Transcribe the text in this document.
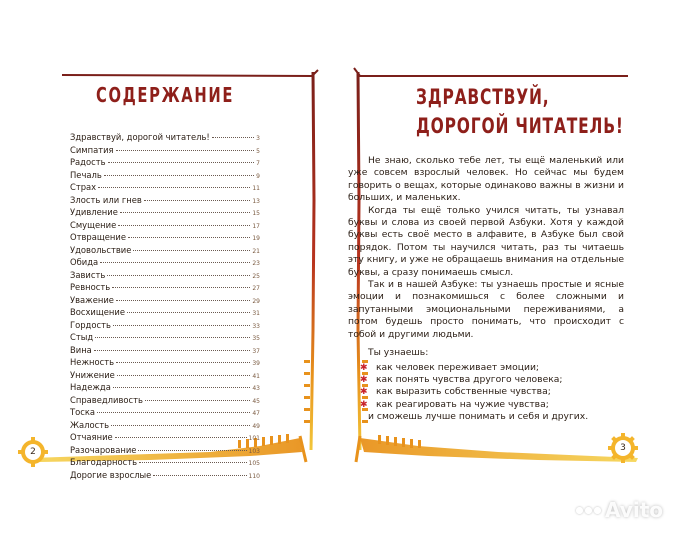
СОДЕРЖАНИЕ
Здравствуй, дорогой читатель!	3
Симпатия	5
Радость	7
Печаль	9
Страх	11
Злость или гнев	13
Удивление	15
Смущение	17
Отвращение	19
Удовольствие	21
Обида	23
Зависть	25
Ревность	27
Уважение	29
Восхищение	31
Гордость	33
Стыд	35
Вина	37
Нежность	39
Унижение	41
Надежда	43
Справедливость	45
Тоска	47
Жалость	49
Отчаяние	101
Разочарование	103
Благодарность	105
Дорогие взрослые	110
2
ЗДРАВСТВУЙ,
ДОРОГОЙ ЧИТАТЕЛЬ!

Не знаю, сколько тебе лет, ты ещё маленький или уже совсем взрослый человек. Но сейчас мы будем говорить о вещах, которые одинаково важны в жизни и больших, и маленьких.

Когда ты ещё только учился читать, ты узнавал буквы и слова из своей первой Азбуки. Хотя у каждой буквы есть своё место в алфавите, в Азбуке был свой порядок. Потом ты научился читать, раз ты читаешь эту книгу, и уже не обращаешь внимания на отдельные буквы, а сразу понимаешь смысл.

Так и в нашей Азбуке: ты узнаешь простые и ясные эмоции и познакомишься с более сложными и запутанными эмоциональными переживаниями, а потом будешь просто понимать, что происходит с тобой и другими людьми.

Ты узнаешь:

✱ как человек переживает эмоции;
✱ как понять чувства другого человека;
✱ как выразить собственные чувства;
✱ как реагировать на чужие чувства;

и сможешь лучше понимать и себя и других.

3
Avito
